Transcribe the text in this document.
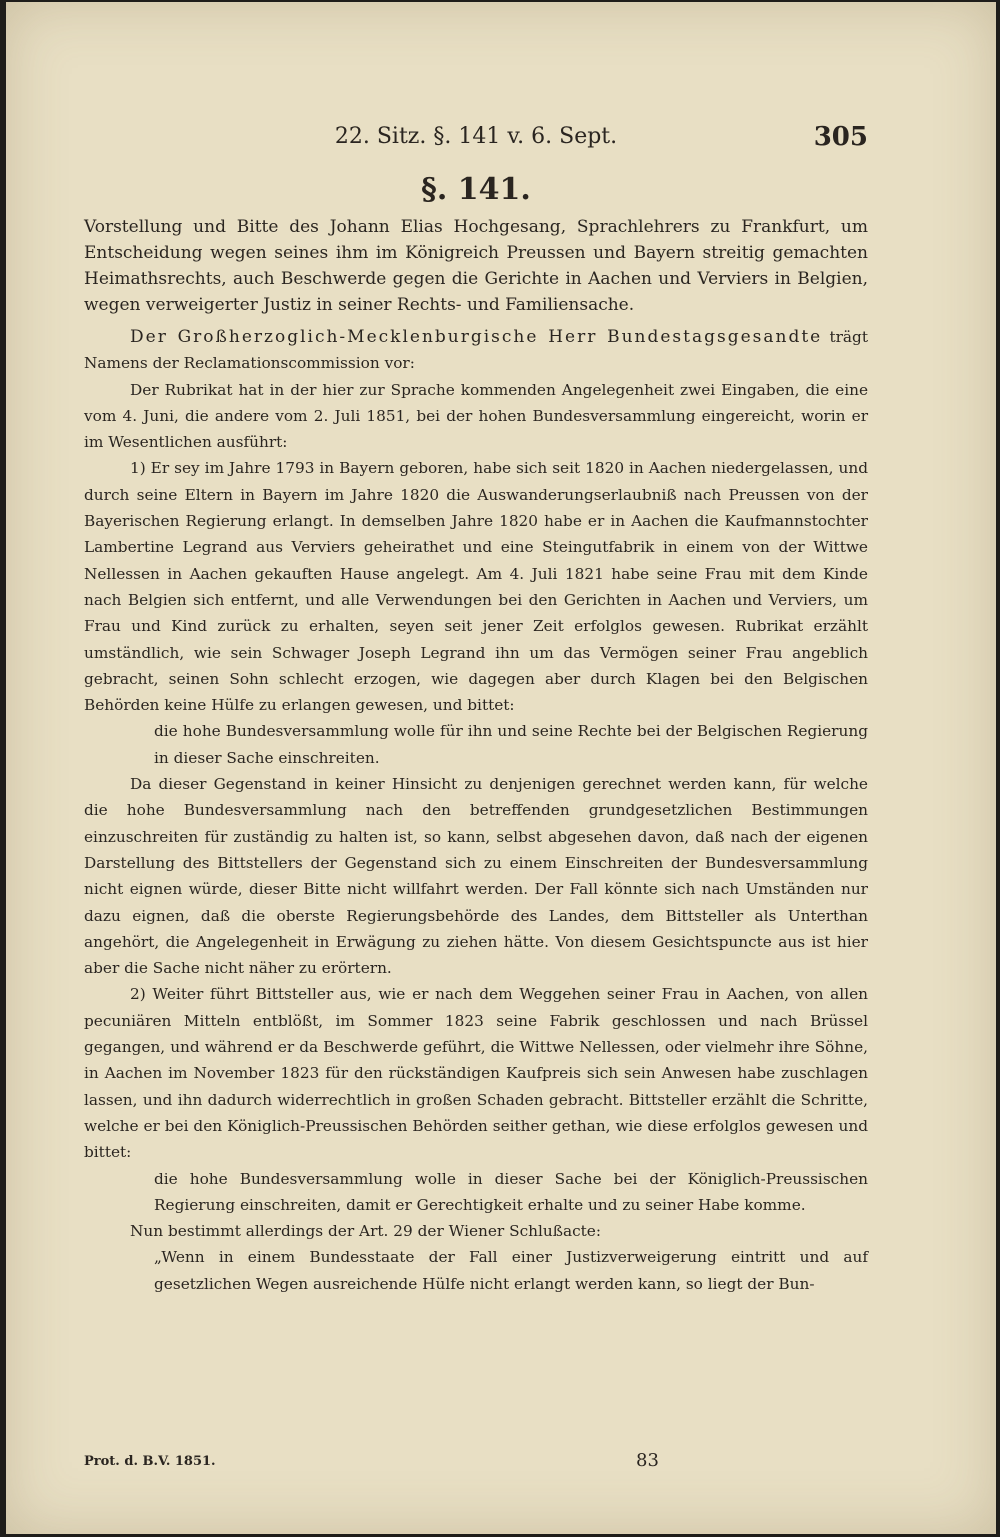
22. Sitz. §. 141 v. 6. Sept.	305
§. 141.

Vorstellung und Bitte des Johann Elias Hochgesang, Sprachlehrers zu Frankfurt, um Entscheidung wegen seines ihm im Königreich Preussen und Bayern streitig gemachten Heimathsrechts, auch Beschwerde gegen die Gerichte in Aachen und Verviers in Belgien, wegen verweigerter Justiz in seiner Rechts- und Familiensache.

Der Großherzoglich-Mecklenburgische Herr Bundestagsgesandte trägt Namens der Reclamationscommission vor:

Der Rubrikat hat in der hier zur Sprache kommenden Angelegenheit zwei Eingaben, die eine vom 4. Juni, die andere vom 2. Juli 1851, bei der hohen Bundesversammlung eingereicht, worin er im Wesentlichen ausführt:

1) Er sey im Jahre 1793 in Bayern geboren, habe sich seit 1820 in Aachen niedergelassen, und durch seine Eltern in Bayern im Jahre 1820 die Auswanderungserlaubniß nach Preussen von der Bayerischen Regierung erlangt. In demselben Jahre 1820 habe er in Aachen die Kaufmannstochter Lambertine Legrand aus Verviers geheirathet und eine Steingutfabrik in einem von der Wittwe Nellessen in Aachen gekauften Hause angelegt. Am 4. Juli 1821 habe seine Frau mit dem Kinde nach Belgien sich entfernt, und alle Verwendungen bei den Gerichten in Aachen und Verviers, um Frau und Kind zurück zu erhalten, seyen seit jener Zeit erfolglos gewesen. Rubrikat erzählt umständlich, wie sein Schwager Joseph Legrand ihn um das Vermögen seiner Frau angeblich gebracht, seinen Sohn schlecht erzogen, wie dagegen aber durch Klagen bei den Belgischen Behörden keine Hülfe zu erlangen gewesen, und bittet:

die hohe Bundesversammlung wolle für ihn und seine Rechte bei der Belgischen Regierung in dieser Sache einschreiten.

Da dieser Gegenstand in keiner Hinsicht zu denjenigen gerechnet werden kann, für welche die hohe Bundesversammlung nach den betreffenden grundgesetzlichen Bestimmungen einzuschreiten für zuständig zu halten ist, so kann, selbst abgesehen davon, daß nach der eigenen Darstellung des Bittstellers der Gegenstand sich zu einem Einschreiten der Bundesversammlung nicht eignen würde, dieser Bitte nicht willfahrt werden. Der Fall könnte sich nach Umständen nur dazu eignen, daß die oberste Regierungsbehörde des Landes, dem Bittsteller als Unterthan angehört, die Angelegenheit in Erwägung zu ziehen hätte. Von diesem Gesichtspuncte aus ist hier aber die Sache nicht näher zu erörtern.

2) Weiter führt Bittsteller aus, wie er nach dem Weggehen seiner Frau in Aachen, von allen pecuniären Mitteln entblößt, im Sommer 1823 seine Fabrik geschlossen und nach Brüssel gegangen, und während er da Beschwerde geführt, die Wittwe Nellessen, oder vielmehr ihre Söhne, in Aachen im November 1823 für den rückständigen Kaufpreis sich sein Anwesen habe zuschlagen lassen, und ihn dadurch widerrechtlich in großen Schaden gebracht. Bittsteller erzählt die Schritte, welche er bei den Königlich-Preussischen Behörden seither gethan, wie diese erfolglos gewesen und bittet:

die hohe Bundesversammlung wolle in dieser Sache bei der Königlich-Preussischen Regierung einschreiten, damit er Gerechtigkeit erhalte und zu seiner Habe komme.

Nun bestimmt allerdings der Art. 29 der Wiener Schlußacte:

„Wenn in einem Bundesstaate der Fall einer Justizverweigerung eintritt und auf gesetzlichen Wegen ausreichende Hülfe nicht erlangt werden kann, so liegt der Bun-

Prot. d. B.V. 1851.	83
